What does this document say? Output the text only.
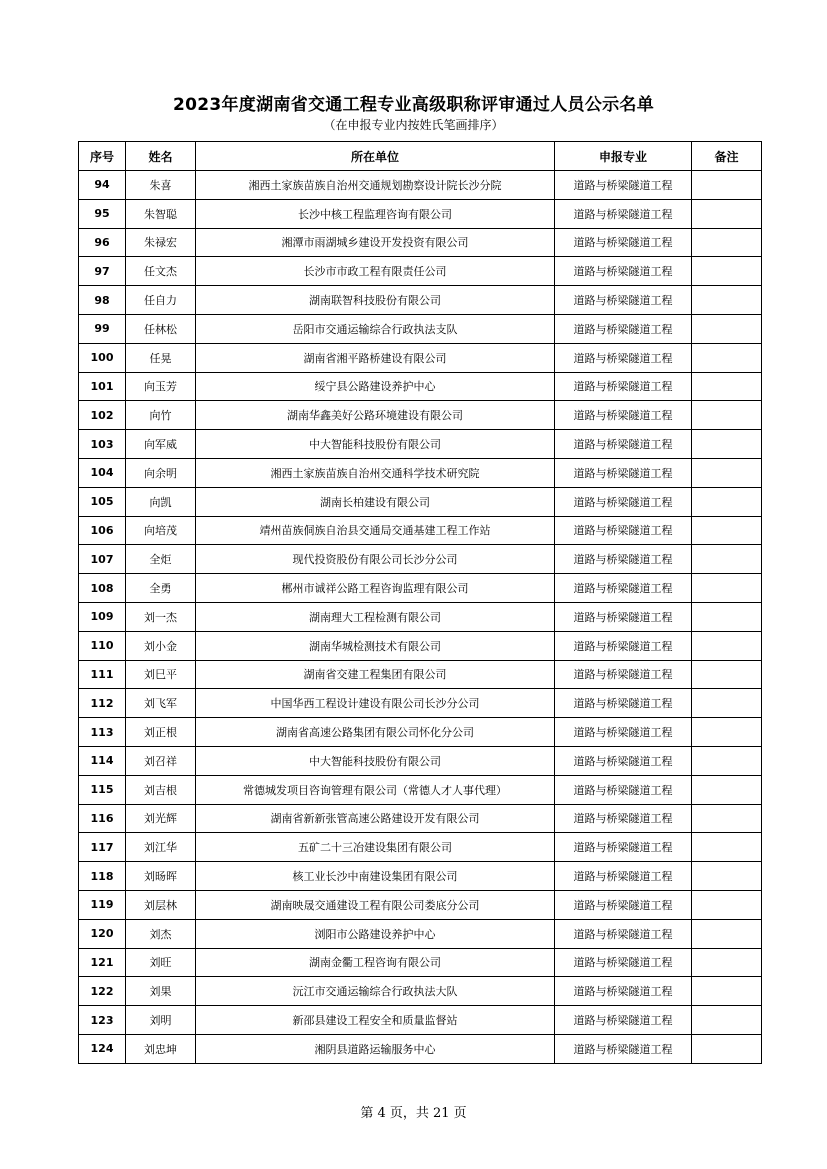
2023年度湖南省交通工程专业高级职称评审通过人员公示名单
（在申报专业内按姓氏笔画排序）
序号	姓名	所在单位	申报专业	备注
94	朱喜	湘西土家族苗族自治州交通规划勘察设计院长沙分院	道路与桥梁隧道工程	
95	朱智聪	长沙中核工程监理咨询有限公司	道路与桥梁隧道工程	
96	朱禄宏	湘潭市雨湖城乡建设开发投资有限公司	道路与桥梁隧道工程	
97	任文杰	长沙市市政工程有限责任公司	道路与桥梁隧道工程	
98	任自力	湖南联智科技股份有限公司	道路与桥梁隧道工程	
99	任林松	岳阳市交通运输综合行政执法支队	道路与桥梁隧道工程	
100	任晃	湖南省湘平路桥建设有限公司	道路与桥梁隧道工程	
101	向玉芳	绥宁县公路建设养护中心	道路与桥梁隧道工程	
102	向竹	湖南华鑫美好公路环境建设有限公司	道路与桥梁隧道工程	
103	向军威	中大智能科技股份有限公司	道路与桥梁隧道工程	
104	向余明	湘西土家族苗族自治州交通科学技术研究院	道路与桥梁隧道工程	
105	向凯	湖南长柏建设有限公司	道路与桥梁隧道工程	
106	向培茂	靖州苗族侗族自治县交通局交通基建工程工作站	道路与桥梁隧道工程	
107	全炬	现代投资股份有限公司长沙分公司	道路与桥梁隧道工程	
108	全勇	郴州市诚祥公路工程咨询监理有限公司	道路与桥梁隧道工程	
109	刘一杰	湖南理大工程检测有限公司	道路与桥梁隧道工程	
110	刘小金	湖南华城检测技术有限公司	道路与桥梁隧道工程	
111	刘巳平	湖南省交建工程集团有限公司	道路与桥梁隧道工程	
112	刘飞军	中国华西工程设计建设有限公司长沙分公司	道路与桥梁隧道工程	
113	刘正根	湖南省高速公路集团有限公司怀化分公司	道路与桥梁隧道工程	
114	刘召祥	中大智能科技股份有限公司	道路与桥梁隧道工程	
115	刘吉根	常德城发项目咨询管理有限公司（常德人才人事代理）	道路与桥梁隧道工程	
116	刘光辉	湖南省新新张管高速公路建设开发有限公司	道路与桥梁隧道工程	
117	刘江华	五矿二十三冶建设集团有限公司	道路与桥梁隧道工程	
118	刘旸晖	核工业长沙中南建设集团有限公司	道路与桥梁隧道工程	
119	刘层林	湖南映晟交通建设工程有限公司娄底分公司	道路与桥梁隧道工程	
120	刘杰	浏阳市公路建设养护中心	道路与桥梁隧道工程	
121	刘旺	湖南金衢工程咨询有限公司	道路与桥梁隧道工程	
122	刘果	沅江市交通运输综合行政执法大队	道路与桥梁隧道工程	
123	刘明	新邵县建设工程安全和质量监督站	道路与桥梁隧道工程	
124	刘忠坤	湘阴县道路运输服务中心	道路与桥梁隧道工程	
第 4 页，共 21 页
